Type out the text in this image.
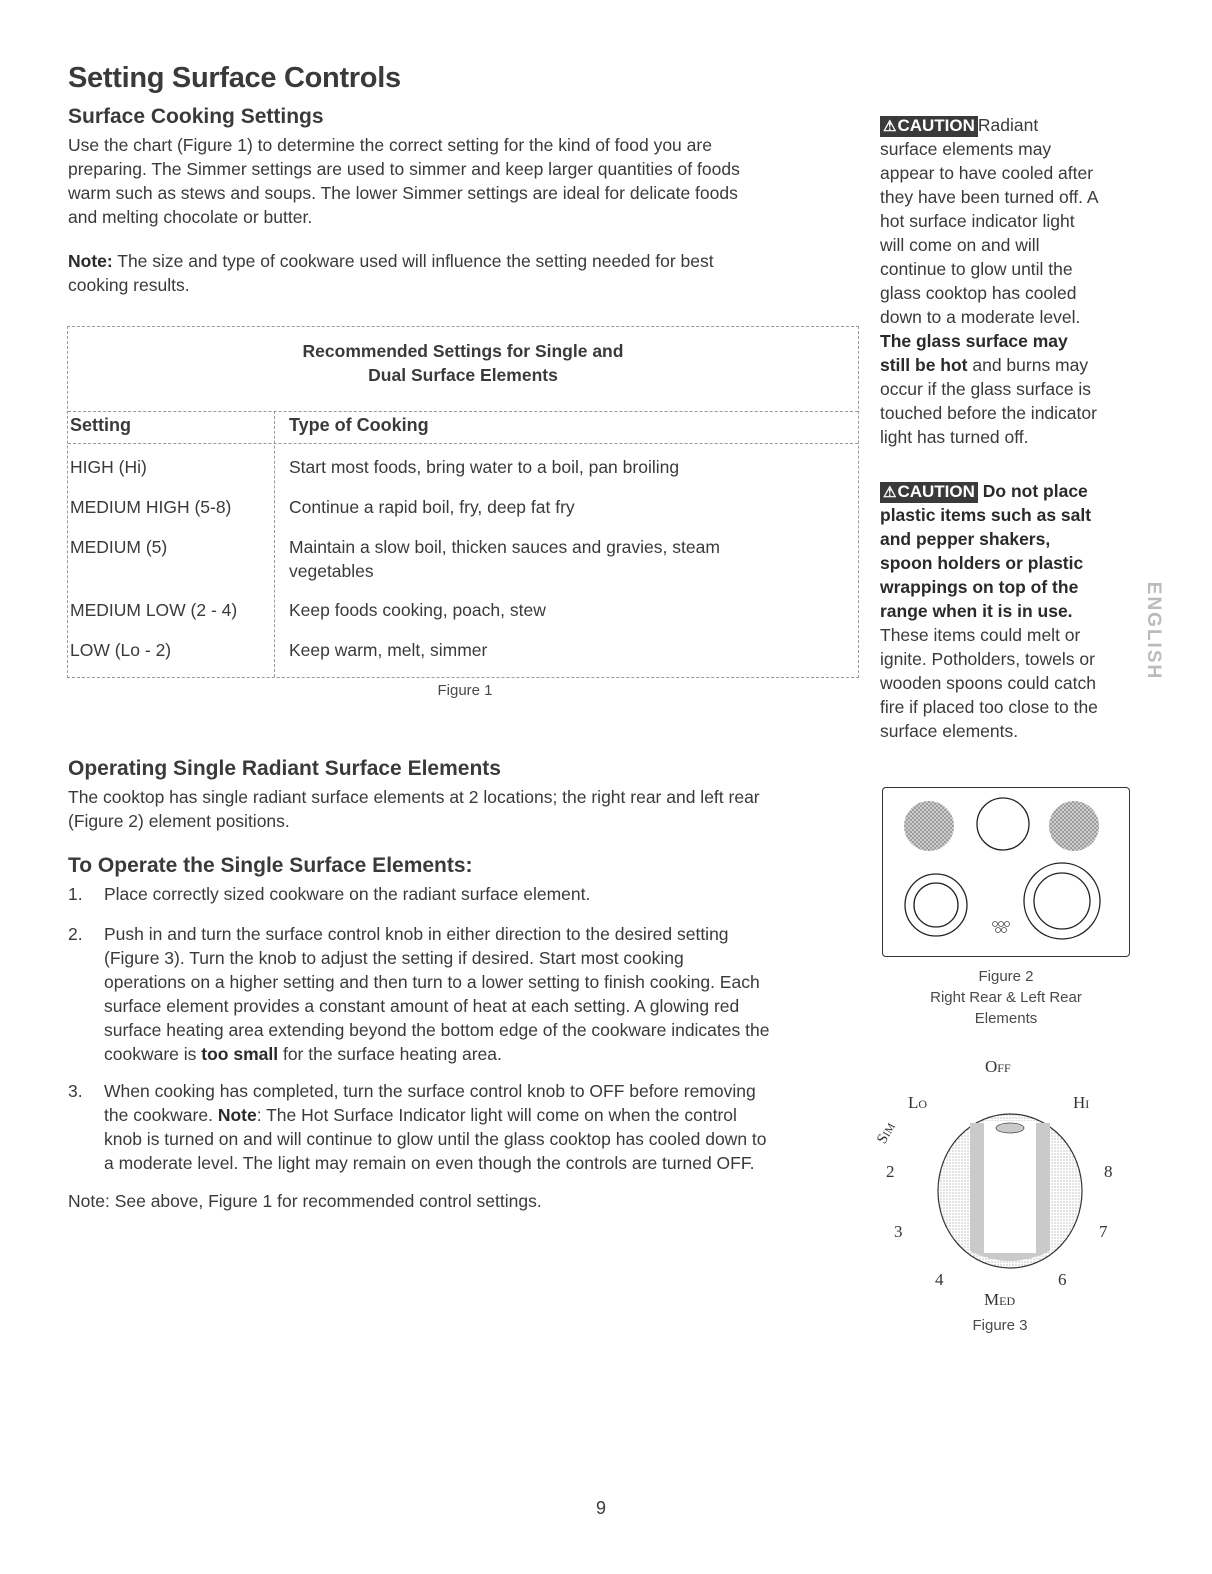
Setting Surface Controls
Surface Cooking Settings
Use the chart (Figure 1) to determine the correct setting for the kind of food you are
preparing. The Simmer settings are used to simmer and keep larger quantities of foods
warm such as stews and soups. The lower Simmer settings are ideal for delicate foods
and melting chocolate or butter.
Note: The size and type of cookware used will influence the setting needed for best
cooking results.
Recommended Settings for Single and
Dual Surface Elements
Setting	Type of Cooking
HIGH (Hi)	Start most foods, bring water to a boil, pan broiling
MEDIUM HIGH (5-8)	Continue a rapid boil, fry, deep fat fry
MEDIUM (5)	Maintain a slow boil, thicken sauces and gravies, steam
vegetables
MEDIUM LOW (2 - 4)	Keep foods cooking, poach, stew
LOW (Lo - 2)	Keep warm, melt, simmer
Figure 1
Operating Single Radiant Surface Elements
The cooktop has single radiant surface elements at 2 locations; the right rear and left rear
(Figure 2) element positions.
To Operate the Single Surface Elements:
1. Place correctly sized cookware on the radiant surface element.
2. Push in and turn the surface control knob in either direction to the desired setting
(Figure 3). Turn the knob to adjust the setting if desired. Start most cooking
operations on a higher setting and then turn to a lower setting to finish cooking. Each
surface element provides a constant amount of heat at each setting. A glowing red
surface heating area extending beyond the bottom edge of the cookware indicates the
cookware is too small for the surface heating area.
3. When cooking has completed, turn the surface control knob to OFF before removing
the cookware. Note: The Hot Surface Indicator light will come on when the control
knob is turned on and will continue to glow until the glass cooktop has cooled down to
a moderate level. The light may remain on even though the controls are turned OFF.
Note: See above, Figure 1 for recommended control settings.
⚠CAUTION Radiant
surface elements may
appear to have cooled after
they have been turned off. A
hot surface indicator light
will come on and will
continue to glow until the
glass cooktop has cooled
down to a moderate level.
The glass surface may
still be hot and burns may
occur if the glass surface is
touched before the indicator
light has turned off.
⚠CAUTION Do not place
plastic items such as salt
and pepper shakers,
spoon holders or plastic
wrappings on top of the
range when it is in use.
These items could melt or
ignite. Potholders, towels or
wooden spoons could catch
fire if placed too close to the
surface elements.
ENGLISH
Figure 2
Right Rear & Left Rear
Elements
Off
Lo	Hi
Sim
2	8
3	7
4	6
Med
Figure 3
9
